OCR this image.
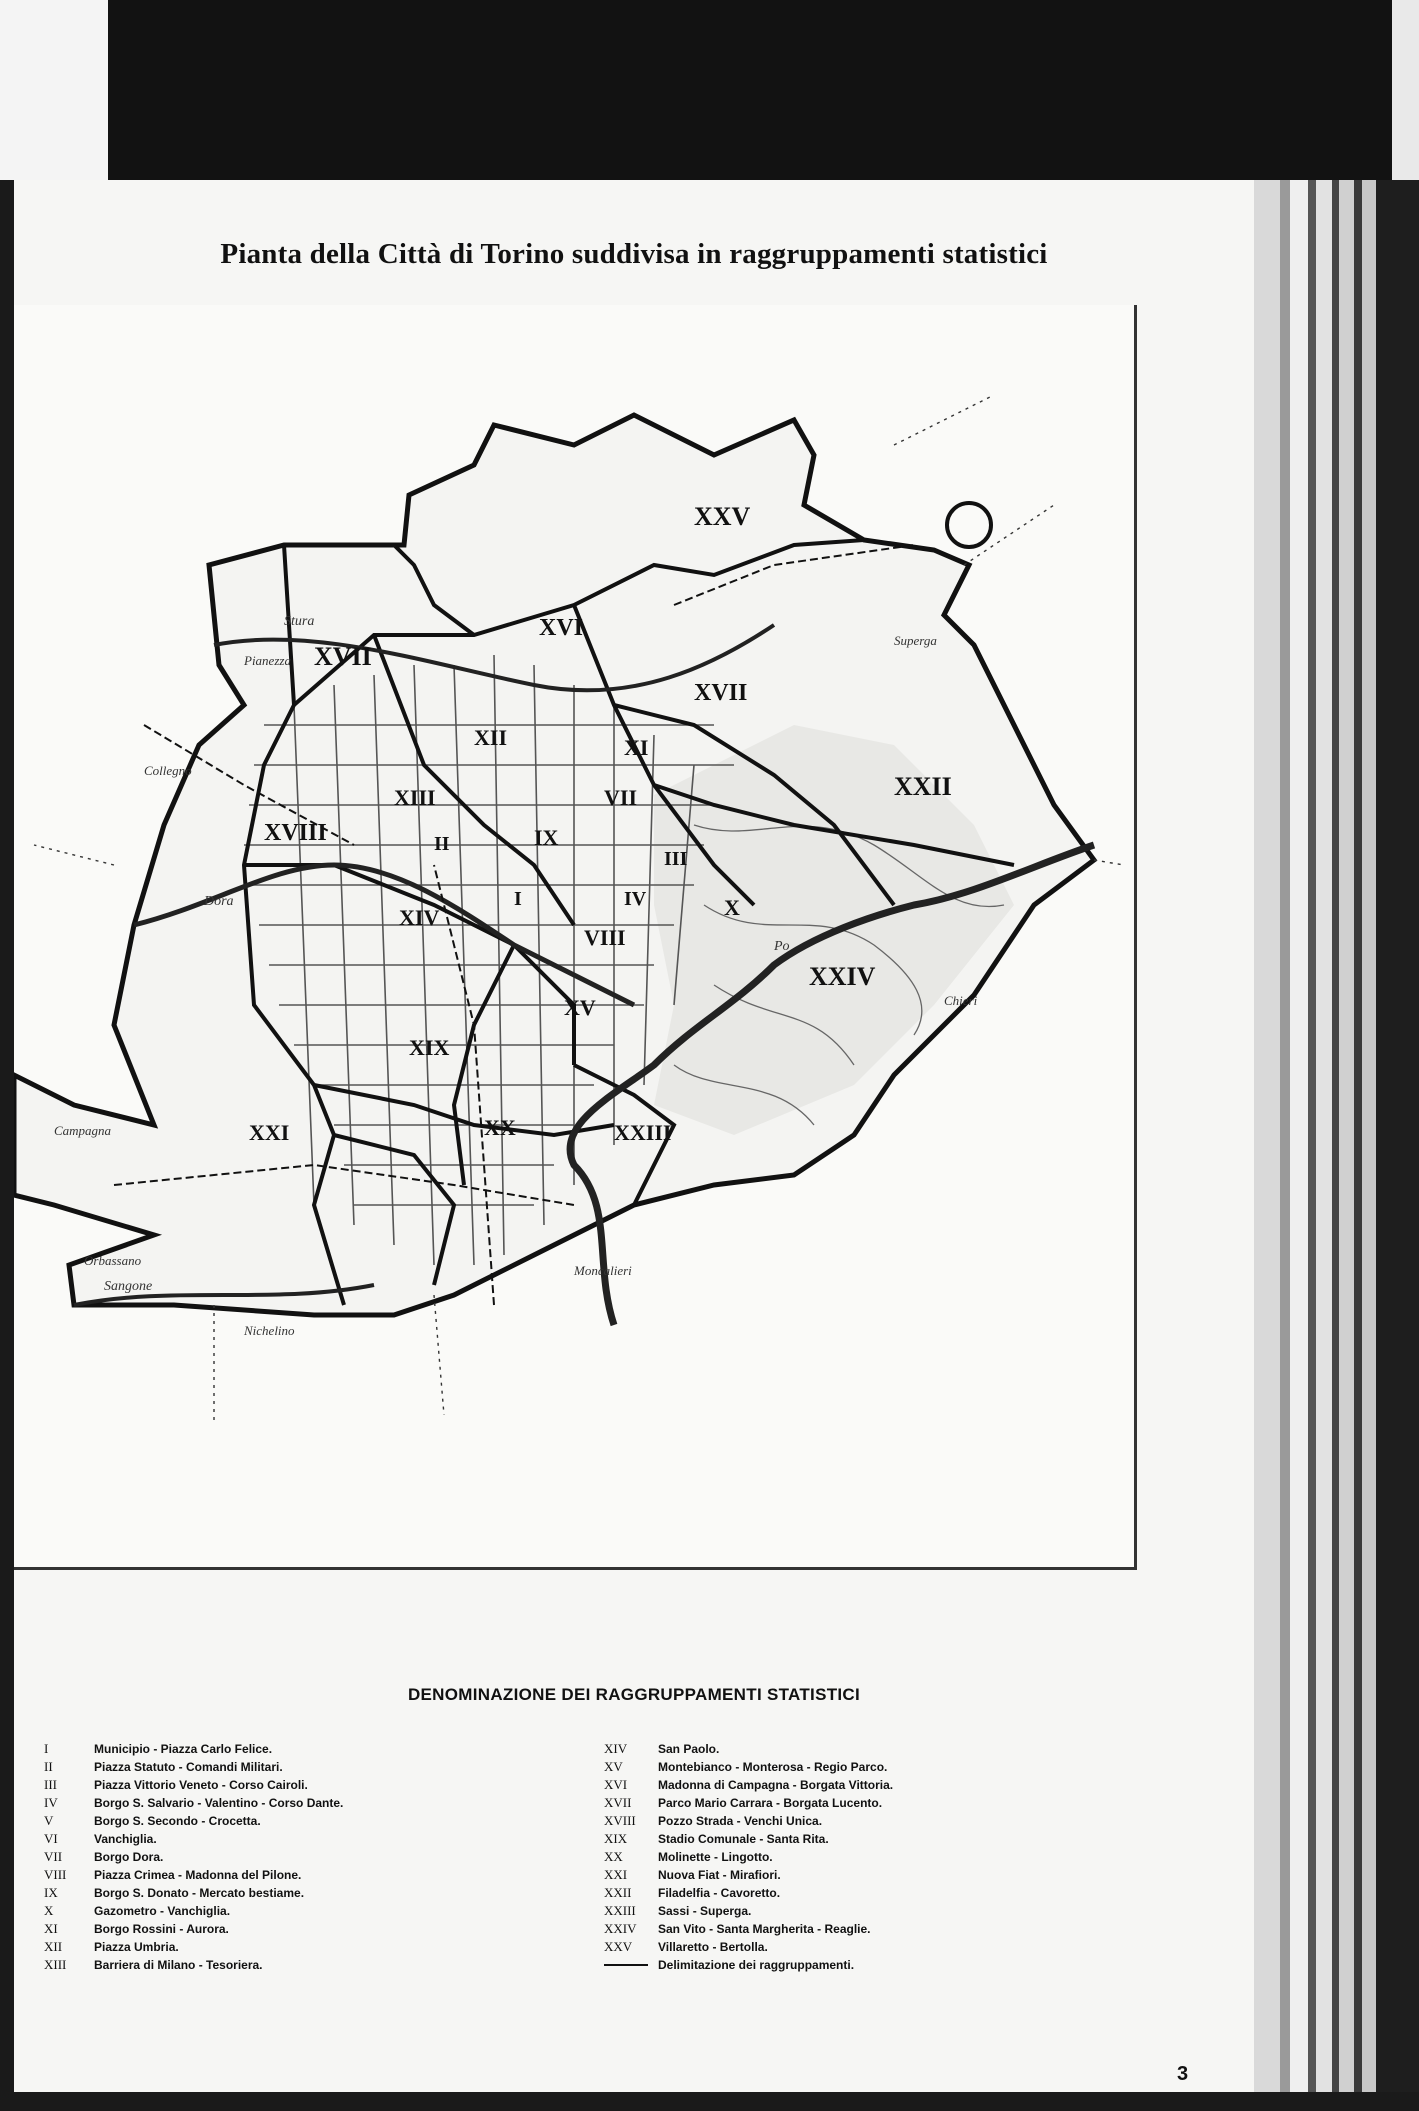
Pianta della Città di Torino suddivisa in raggruppamenti statistici
XXV
XVII
XVI
XVII
XII	XI
XIII	XXII
VII
IX
XVIII	II
III
IV
I	X
XIV
VIII
XV
XIX
XXIV
XX	XXIII
XXI
Po
Dora
Stura
Sangone
Campagna
Orbassano
Nichelino
Moncalieri
Pianezza
Collegno
Chieri
Superga
DENOMINAZIONE DEI RAGGRUPPAMENTI STATISTICI
I	Municipio - Piazza Carlo Felice.
II	Piazza Statuto - Comandi Militari.
III	Piazza Vittorio Veneto - Corso Cairoli.
IV	Borgo S. Salvario - Valentino - Corso Dante.
V	Borgo S. Secondo - Crocetta.
VI	Vanchiglia.
VII	Borgo Dora.
VIII	Piazza Crimea - Madonna del Pilone.
IX	Borgo S. Donato - Mercato bestiame.
X	Gazometro - Vanchiglia.
XI	Borgo Rossini - Aurora.
XII	Piazza Umbria.
XIII	Barriera di Milano - Tesoriera.
XIV	San Paolo.
XV	Montebianco - Monterosa - Regio Parco.
XVI	Madonna di Campagna - Borgata Vittoria.
XVII	Parco Mario Carrara - Borgata Lucento.
XVIII	Pozzo Strada - Venchi Unica.
XIX	Stadio Comunale - Santa Rita.
XX	Molinette - Lingotto.
XXI	Nuova Fiat - Mirafiori.
XXII	Filadelfia - Cavoretto.
XXIII	Sassi - Superga.
XXIV	San Vito - Santa Margherita - Reaglie.
XXV	Villaretto - Bertolla.
Delimitazione dei raggruppamenti.
3
